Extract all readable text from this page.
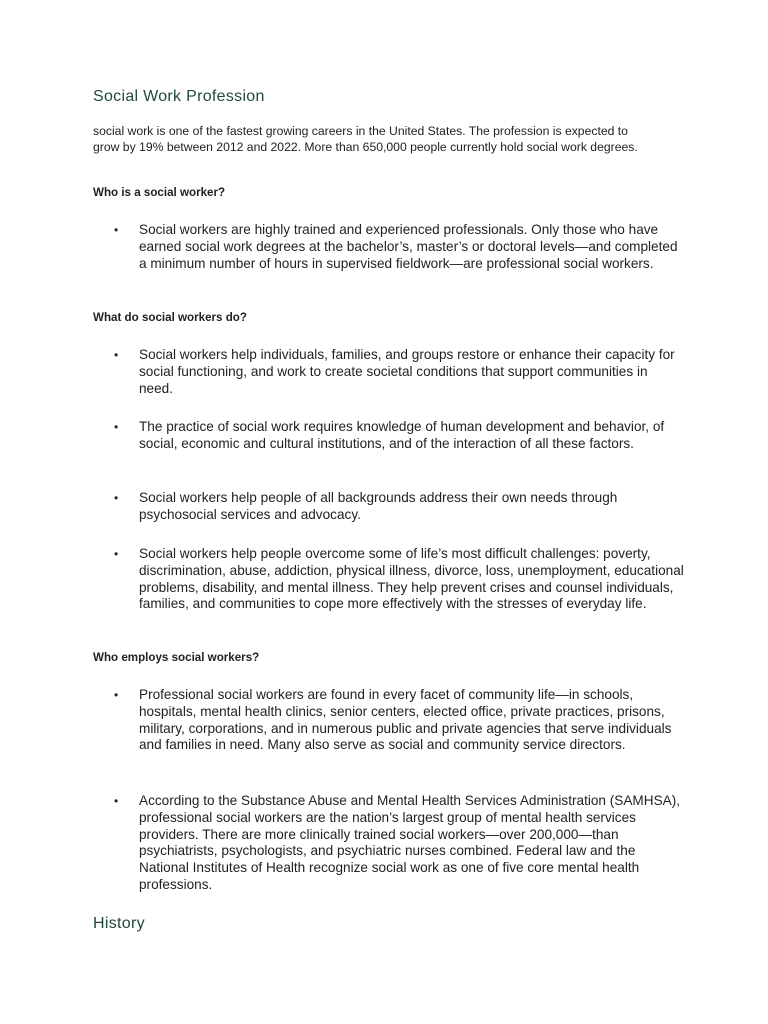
Social Work Profession
social work is one of the fastest growing careers in the United States. The profession is expected to grow by 19% between 2012 and 2022. More than 650,000 people currently hold social work degrees.
Who is a social worker?
• Social workers are highly trained and experienced professionals. Only those who have earned social work degrees at the bachelor’s, master’s or doctoral levels—and completed a minimum number of hours in supervised fieldwork—are professional social workers.
What do social workers do?
• Social workers help individuals, families, and groups restore or enhance their capacity for social functioning, and work to create societal conditions that support communities in need.
• The practice of social work requires knowledge of human development and behavior, of social, economic and cultural institutions, and of the interaction of all these factors.
• Social workers help people of all backgrounds address their own needs through psychosocial services and advocacy.
• Social workers help people overcome some of life’s most difficult challenges: poverty, discrimination, abuse, addiction, physical illness, divorce, loss, unemployment, educational problems, disability, and mental illness. They help prevent crises and counsel individuals, families, and communities to cope more effectively with the stresses of everyday life.
Who employs social workers?
• Professional social workers are found in every facet of community life—in schools, hospitals, mental health clinics, senior centers, elected office, private practices, prisons, military, corporations, and in numerous public and private agencies that serve individuals and families in need. Many also serve as social and community service directors.
• According to the Substance Abuse and Mental Health Services Administration (SAMHSA), professional social workers are the nation’s largest group of mental health services providers. There are more clinically trained social workers—over 200,000—than psychiatrists, psychologists, and psychiatric nurses combined. Federal law and the National Institutes of Health recognize social work as one of five core mental health professions.
History
